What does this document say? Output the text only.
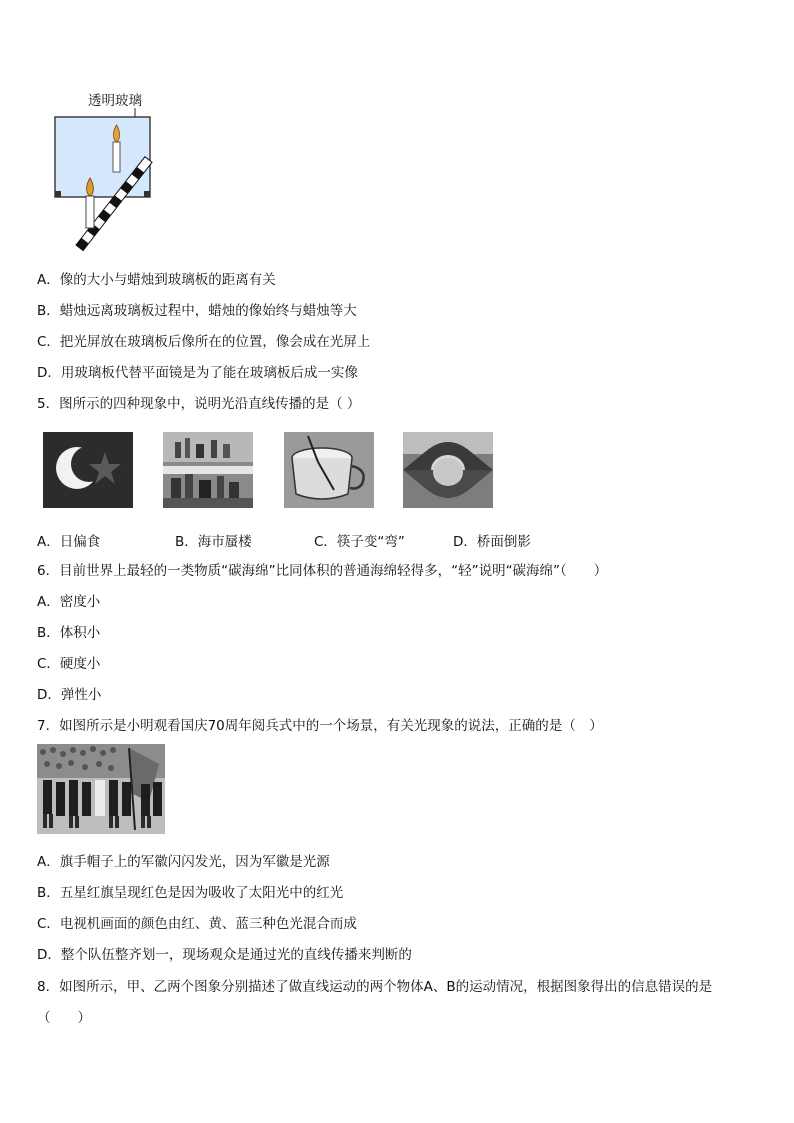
透明玻璃
A．像的大小与蜡烛到玻璃板的距离有关
B．蜡烛远离玻璃板过程中，蜡烛的像始终与蜡烛等大
C．把光屏放在玻璃板后像所在的位置，像会成在光屏上
D．用玻璃板代替平面镜是为了能在玻璃板后成一实像
5．图所示的四种现象中，说明光沿直线传播的是（ ）
A．日偏食	B．海市蜃楼	C．筷子变“弯”	D．桥面倒影
6．目前世界上最轻的一类物质“碳海绵”比同体积的普通海绵轻得多，“轻”说明“碳海绵”（　　）
A．密度小
B．体积小
C．硬度小
D．弹性小
7．如图所示是小明观看国庆70周年阅兵式中的一个场景，有关光现象的说法，正确的是（　）
A．旗手帽子上的军徽闪闪发光，因为军徽是光源
B．五星红旗呈现红色是因为吸收了太阳光中的红光
C．电视机画面的颜色由红、黄、蓝三种色光混合而成
D．整个队伍整齐划一，现场观众是通过光的直线传播来判断的
8．如图所示，甲、乙两个图象分别描述了做直线运动的两个物体A、B的运动情况，根据图象得出的信息错误的是
（　　）
